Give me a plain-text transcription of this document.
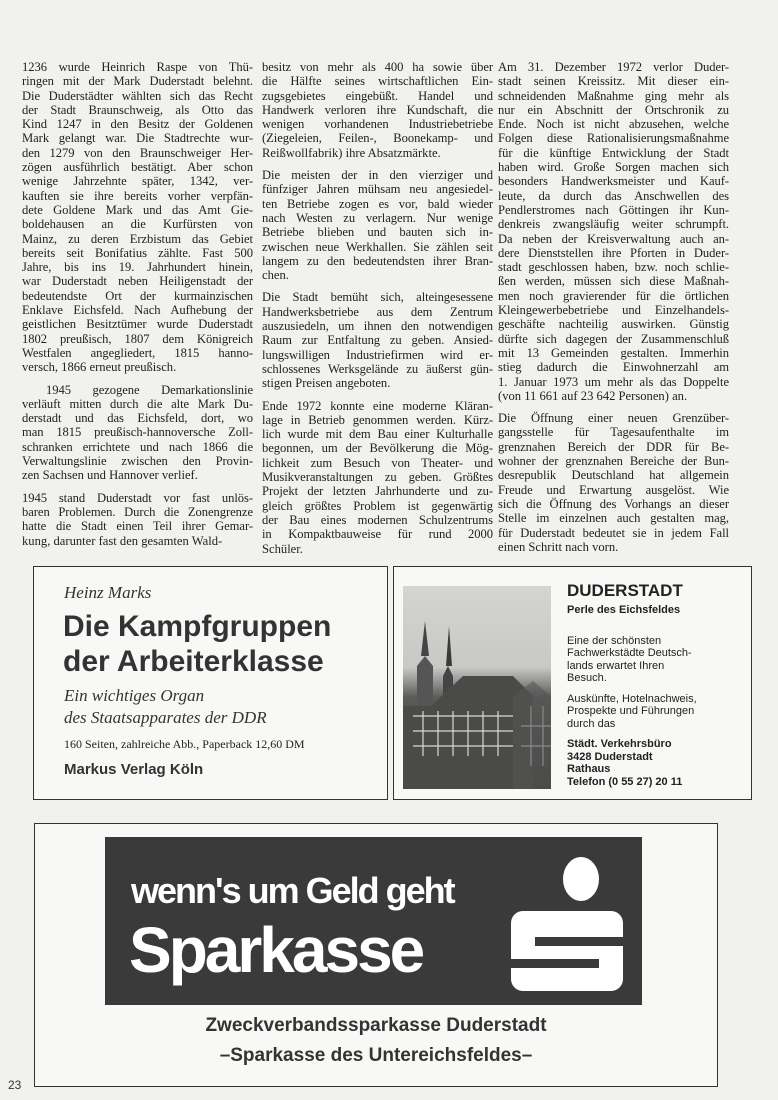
1236 wurde Heinrich Raspe von Thü-
ringen mit der Mark Duderstadt belehnt.
Die Duderstädter wählten sich das Recht
der Stadt Braunschweig, als Otto das
Kind 1247 in den Besitz der Goldenen
Mark gelangt war. Die Stadtrechte wur-
den 1279 von den Braunschweiger Her-
zögen ausführlich bestätigt. Aber schon
wenige Jahrzehnte später, 1342, ver-
kauften sie ihre bereits vorher verpfän-
dete Goldene Mark und das Amt Gie-
boldehausen an die Kurfürsten von
Mainz, zu deren Erzbistum das Gebiet
bereits seit Bonifatius zählte. Fast 500
Jahre, bis ins 19. Jahrhundert hinein,
war Duderstadt neben Heiligenstadt der
bedeutendste Ort der kurmainzischen
Enklave Eichsfeld. Nach Aufhebung der
geistlichen Besitztümer wurde Duderstadt
1802 preußisch, 1807 dem Königreich
Westfalen angegliedert, 1815 hanno-
versch, 1866 erneut preußisch.
1945 gezogene Demarkationslinie
verläuft mitten durch die alte Mark Du-
derstadt und das Eichsfeld, dort, wo
man 1815 preußisch-hannoversche Zoll-
schranken errichtete und nach 1866 die
Verwaltungslinie zwischen den Provin-
zen Sachsen und Hannover verlief.
1945 stand Duderstadt vor fast unlös-
baren Problemen. Durch die Zonengrenze
hatte die Stadt einen Teil ihrer Gemar-
kung, darunter fast den gesamten Wald-
besitz von mehr als 400 ha sowie über
die Hälfte seines wirtschaftlichen Ein-
zugsgebietes eingebüßt. Handel und
Handwerk verloren ihre Kundschaft, die
wenigen vorhandenen Industriebetriebe
(Ziegeleien, Feilen-, Boonekamp- und
Reißwollfabrik) ihre Absatzmärkte.
Die meisten der in den vierziger und
fünfziger Jahren mühsam neu angesiedel-
ten Betriebe zogen es vor, bald wieder
nach Westen zu verlagern. Nur wenige
Betriebe blieben und bauten sich in-
zwischen neue Werkhallen. Sie zählen seit
langem zu den bedeutendsten ihrer Bran-
chen.
Die Stadt bemüht sich, alteingesessene
Handwerksbetriebe aus dem Zentrum
auszusiedeln, um ihnen den notwendigen
Raum zur Entfaltung zu geben. Ansied-
lungswilligen Industriefirmen wird er-
schlossenes Werksgelände zu äußerst gün-
stigen Preisen angeboten.
Ende 1972 konnte eine moderne Kläran-
lage in Betrieb genommen werden. Kürz-
lich wurde mit dem Bau einer Kulturhalle
begonnen, um der Bevölkerung die Mög-
lichkeit zum Besuch von Theater- und
Musikveranstaltungen zu geben. Größtes
Projekt der letzten Jahrhunderte und zu-
gleich größtes Problem ist gegenwärtig
der Bau eines modernen Schulzentrums
in Kompaktbauweise für rund 2000
Schüler.
Am 31. Dezember 1972 verlor Duder-
stadt seinen Kreissitz. Mit dieser ein-
schneidenden Maßnahme ging mehr als
nur ein Abschnitt der Ortschronik zu
Ende. Noch ist nicht abzusehen, welche
Folgen diese Rationalisierungsmaßnahme
für die künftige Entwicklung der Stadt
haben wird. Große Sorgen machen sich
besonders Handwerksmeister und Kauf-
leute, da durch das Anschwellen des
Pendlerstromes nach Göttingen ihr Kun-
denkreis zwangsläufig weiter schrumpft.
Da neben der Kreisverwaltung auch an-
dere Dienststellen ihre Pforten in Duder-
stadt geschlossen haben, bzw. noch schlie-
ßen werden, müssen sich diese Maßnah-
men noch gravierender für die örtlichen
Kleingewerbebetriebe und Einzelhandels-
geschäfte nachteilig auswirken. Günstig
dürfte sich dagegen der Zusammenschluß
mit 13 Gemeinden gestalten. Immerhin
stieg dadurch die Einwohnerzahl am
1. Januar 1973 um mehr als das Doppelte
(von 11 661 auf 23 642 Personen) an.
Die Öffnung einer neuen Grenzüber-
gangsstelle für Tagesaufenthalte im
grenznahen Bereich der DDR für Be-
wohner der grenznahen Bereiche der Bun-
desrepublik Deutschland hat allgemein
Freude und Erwartung ausgelöst. Wie
sich die Öffnung des Vorhangs an dieser
Stelle im einzelnen auch gestalten mag,
für Duderstadt bedeutet sie in jedem Fall
einen Schritt nach vorn.
Heinz Marks
Die Kampfgruppen
der Arbeiterklasse
Ein wichtiges Organ
des Staatsapparates der DDR
160 Seiten, zahlreiche Abb., Paperback 12,60 DM
Markus Verlag Köln
DUDERSTADT
Perle des Eichsfeldes
Eine der schönsten
Fachwerkstädte Deutsch-
lands erwartet Ihren
Besuch.
Auskünfte, Hotelnachweis,
Prospekte und Führungen
durch das
Städt. Verkehrsbüro
3428 Duderstadt
Rathaus
Telefon (0 55 27) 20 11
wenn's um Geld geht
Sparkasse
Zweckverbandssparkasse Duderstadt
–Sparkasse des Untereichsfeldes–
23
